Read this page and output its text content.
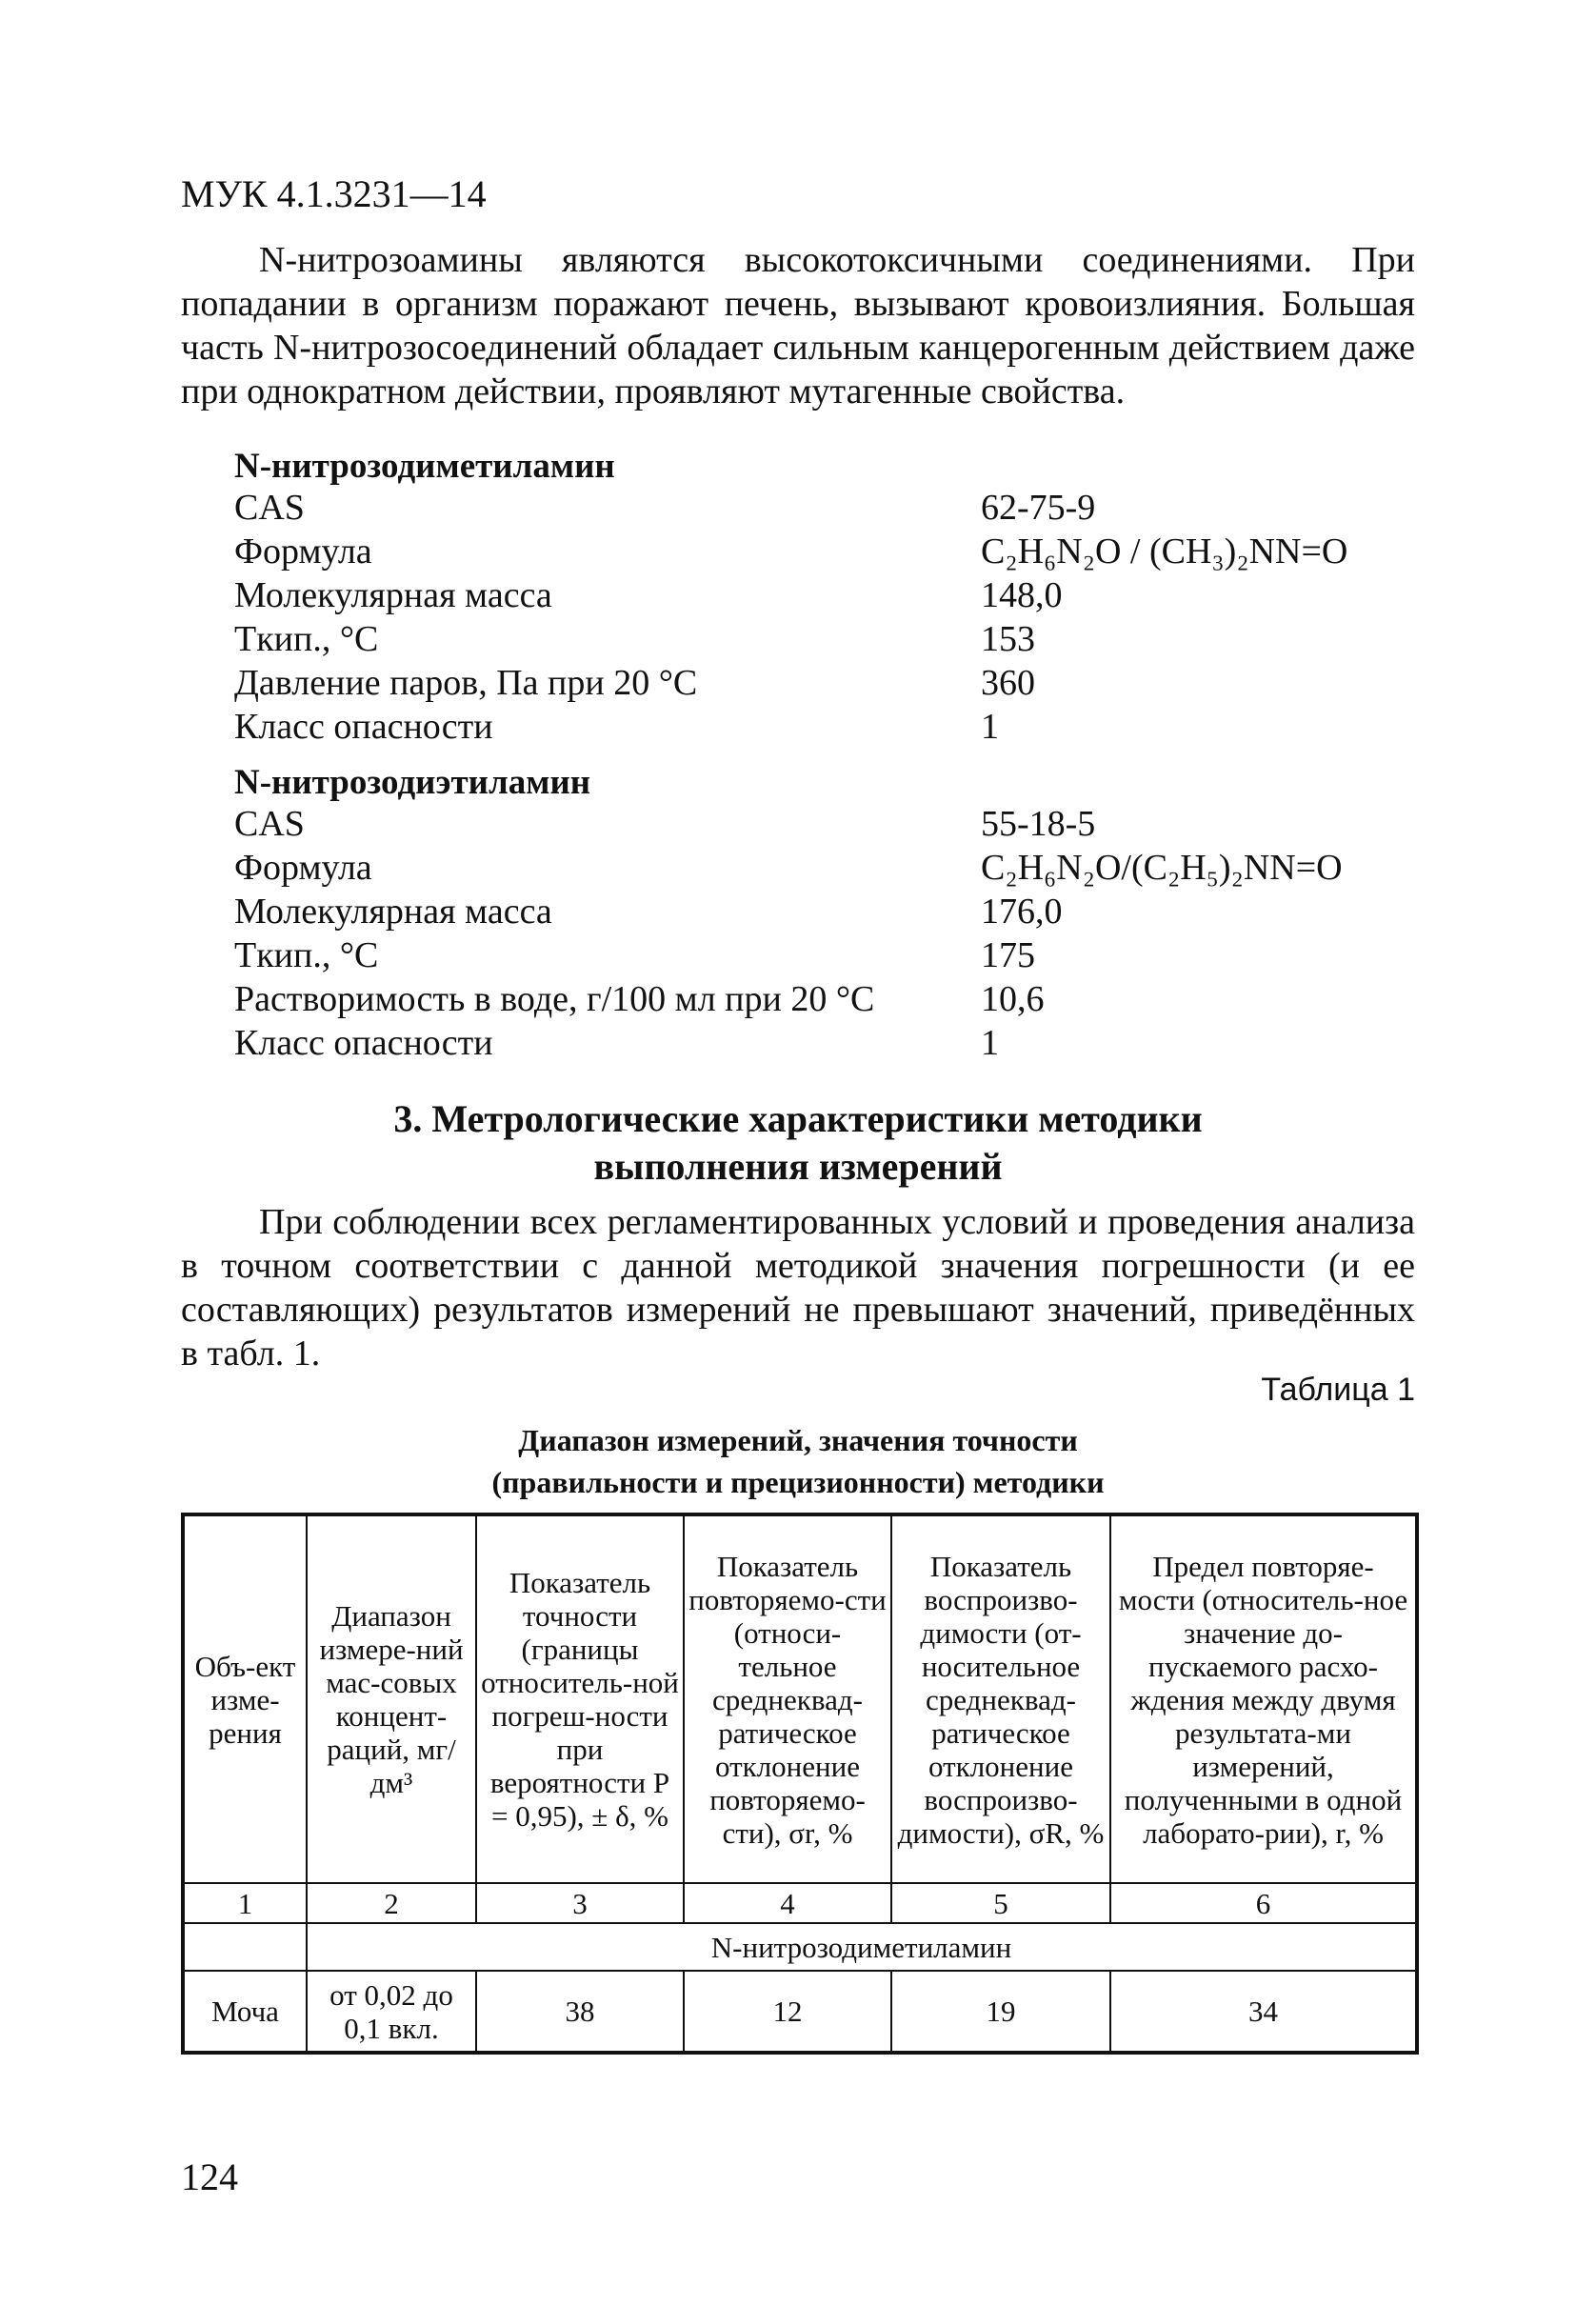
МУК 4.1.3231—14
N-нитрозоамины являются высокотоксичными соединениями. При попадании в организм поражают печень, вызывают кровоизлияния. Большая часть N-нитрозосоединений обладает сильным канцерогенным действием даже при однократном действии, проявляют мутагенные свойства.
N-нитрозодиметиламин
CAS	62-75-9
Формула	C₂H₆N₂O / (CH₃)₂NN=O
Молекулярная масса	148,0
Tкип., °C	153
Давление паров, Па при 20 °C	360
Класс опасности	1
N-нитрозодиэтиламин
CAS	55-18-5
Формула	C₂H₆N₂O/(C₂H₅)₂NN=O
Молекулярная масса	176,0
Tкип., °C	175
Растворимость в воде, г/100 мл при 20 °C	10,6
Класс опасности	1
3. Метрологические характеристики методики
выполнения измерений
При соблюдении всех регламентированных условий и проведения анализа в точном соответствии с данной методикой значения погрешности (и ее составляющих) результатов измерений не превышают значений, приведённых в табл. 1.
Таблица 1
Диапазон измерений, значения точности
(правильности и прецизионности) методики
Объ-ект изме-рения	Диапазон измере-ний мас-совых концент-раций, мг/дм³	Показатель точности (границы относитель-ной погреш-ности при вероятности P = 0,95), ± δ, %	Показатель повторяемо-сти (относи-тельное среднеквад-ратическое отклонение повторяемо-сти), σr, %	Показатель воспроизво-димости (от-носительное среднеквад-ратическое отклонение воспроизво-димости), σR, %	Предел повторяе-мости (относитель-ное значение до-пускаемого расхо-ждения между двумя результата-ми измерений, полученными в одной лаборато-рии), r, %
1	2	3	4	5	6
	N-нитрозодиметиламин				
Моча	от 0,02 до 0,1 вкл.	38	12	19	34
124
